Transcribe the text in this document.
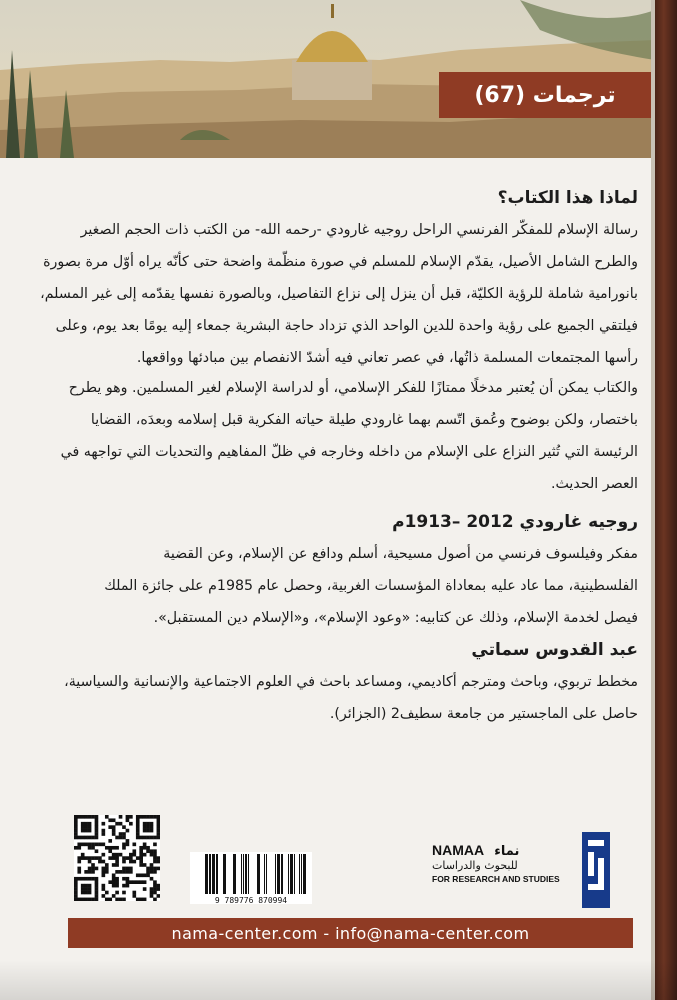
ترجمات (67)
لماذا هذا الكتاب؟
رسالة الإسلام للمفكّر الفرنسي الراحل روجيه غارودي -رحمه الله- من الكتب ذات الحجم الصغير
والطرح الشامل الأصيل، يقدّم الإسلام للمسلم في صورة منظّمة واضحة حتى كأنّه يراه أوّل مرة بصورة
بانورامية شاملة للرؤية الكليّة، قبل أن ينزل إلى نزاع التفاصيل، وبالصورة نفسها يقدّمه إلى غير المسلم،
فيلتقي الجميع على رؤية واحدة للدين الواحد الذي تزداد حاجة البشرية جمعاء إليه يومًا بعد يوم، وعلى
رأسها المجتمعات المسلمة ذاتُها، في عصر تعاني فيه أشدّ الانفصام بين مبادئها وواقعها.
والكتاب يمكن أن يُعتبر مدخلًا ممتازًا للفكر الإسلامي، أو لدراسة الإسلام لغير المسلمين. وهو يطرح
باختصار، ولكن بوضوح وعُمق اتّسم بهما غارودي طيلة حياته الفكرية قبل إسلامه وبعدَه، القضايا
الرئيسة التي تُثير النزاع على الإسلام من داخله وخارجه في ظلّ المفاهيم والتحديات التي تواجهه في
العصر الحديث.
روجيه غارودي 2012 –1913م
مفكر وفيلسوف فرنسي من أصول مسيحية، أسلم ودافع عن الإسلام، وعن القضية
الفلسطينية، مما عاد عليه بمعاداة المؤسسات الغربية، وحصل عام 1985م على جائزة الملك
فيصل لخدمة الإسلام، وذلك عن كتابيه: «وعود الإسلام»، و«الإسلام دين المستقبل».
عبد القدوس سماتي
مخطط تربوي، وباحث ومترجم أكاديمي، ومساعد باحث في العلوم الاجتماعية والإنسانية والسياسية،
حاصل على الماجستير من جامعة سطيف2 (الجزائر).
9 789776 870994
NAMAA نماء
للبحوث والدراسات
FOR RESEARCH AND STUDIES
nama-center.com - info@nama-center.com
